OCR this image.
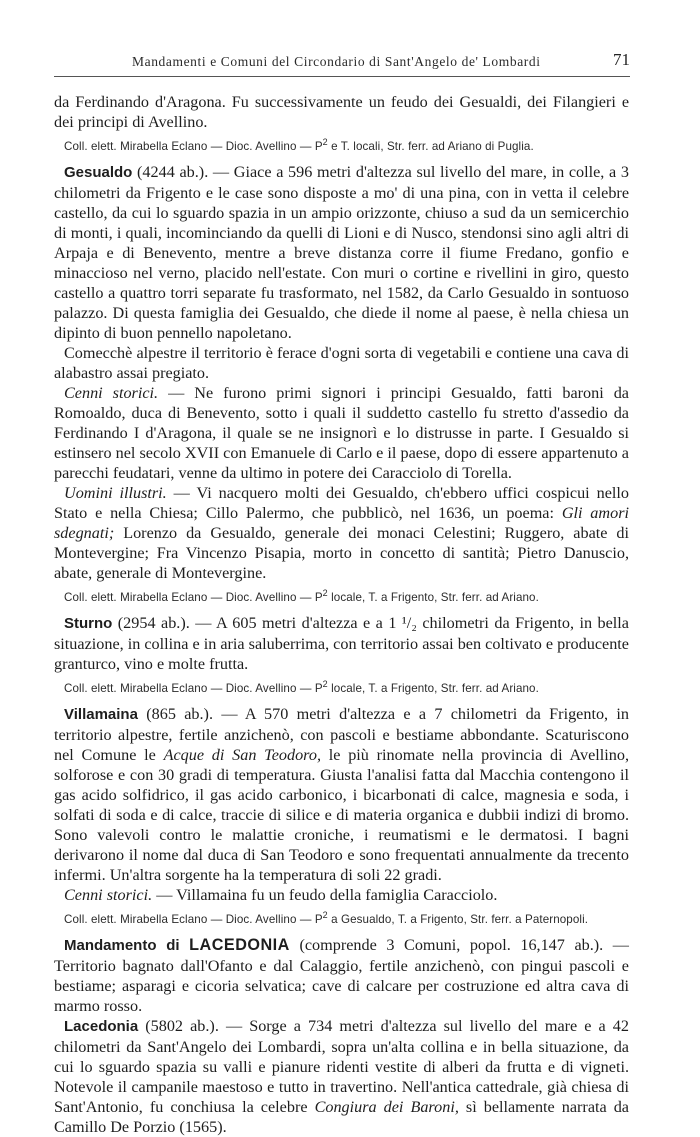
Mandamenti e Comuni del Circondario di Sant'Angelo de' Lombardi	71

da Ferdinando d'Aragona. Fu successivamente un feudo dei Gesualdi, dei Filangieri e dei principi di Avellino.

Coll. elett. Mirabella Eclano — Dioc. Avellino — $P^2$ e T. locali, Str. ferr. ad Ariano di Puglia.

Gesualdo (4244 ab.). — Giace a 596 metri d'altezza sul livello del mare, in colle, a 3 chilometri da Frigento e le case sono disposte a mo' di una pina, con in vetta il celebre castello, da cui lo sguardo spazia in un ampio orizzonte, chiuso a sud da un semicerchio di monti, i quali, incominciando da quelli di Lioni e di Nusco, stendonsi sino agli altri di Arpaja e di Benevento, mentre a breve distanza corre il fiume Fredano, gonfio e minaccioso nel verno, placido nell'estate. Con muri o cortine e rivellini in giro, questo castello a quattro torri separate fu trasformato, nel 1582, da Carlo Gesualdo in sontuoso palazzo. Di questa famiglia dei Gesualdo, che diede il nome al paese, è nella chiesa un dipinto di buon pennello napoletano.

Comecchè alpestre il territorio è ferace d'ogni sorta di vegetabili e contiene una cava di alabastro assai pregiato.

Cenni storici. — Ne furono primi signori i principi Gesualdo, fatti baroni da Romoaldo, duca di Benevento, sotto i quali il suddetto castello fu stretto d'assedio da Ferdinando I d'Aragona, il quale se ne insignorì e lo distrusse in parte. I Gesualdo si estinsero nel secolo XVII con Emanuele di Carlo e il paese, dopo di essere appartenuto a parecchi feudatari, venne da ultimo in potere dei Caracciolo di Torella.

Uomini illustri. — Vi nacquero molti dei Gesualdo, ch'ebbero uffici cospicui nello Stato e nella Chiesa; Cillo Palermo, che pubblicò, nel 1636, un poema: Gli amori sdegnati; Lorenzo da Gesualdo, generale dei monaci Celestini; Ruggero, abate di Montevergine; Fra Vincenzo Pisapia, morto in concetto di santità; Pietro Danuscio, abate, generale di Montevergine.

Coll. elett. Mirabella Eclano — Dioc. Avellino — $P^2$ locale, T. a Frigento, Str. ferr. ad Ariano.

Sturno (2954 ab.). — A 605 metri d'altezza e a 1 ¹/₂ chilometri da Frigento, in bella situazione, in collina e in aria saluberrima, con territorio assai ben coltivato e producente granturco, vino e molte frutta.

Coll. elett. Mirabella Eclano — Dioc. Avellino — $P^2$ locale, T. a Frigento, Str. ferr. ad Ariano.

Villamaina (865 ab.). — A 570 metri d'altezza e a 7 chilometri da Frigento, in territorio alpestre, fertile anzichenò, con pascoli e bestiame abbondante. Scaturiscono nel Comune le Acque di San Teodoro, le più rinomate nella provincia di Avellino, solforose e con 30 gradi di temperatura. Giusta l'analisi fatta dal Macchia contengono il gas acido solfidrico, il gas acido carbonico, i bicarbonati di calce, magnesia e soda, i solfati di soda e di calce, traccie di silice e di materia organica e dubbii indizi di bromo. Sono valevoli contro le malattie croniche, i reumatismi e le dermatosi. I bagni derivarono il nome dal duca di San Teodoro e sono frequentati annualmente da trecento infermi. Un'altra sorgente ha la temperatura di soli 22 gradi.

Cenni storici. — Villamaina fu un feudo della famiglia Caracciolo.

Coll. elett. Mirabella Eclano — Dioc. Avellino — $P^2$ a Gesualdo, T. a Frigento, Str. ferr. a Paternopoli.

Mandamento di LACEDONIA (comprende 3 Comuni, popol. 16,147 ab.). — Territorio bagnato dall'Ofanto e dal Calaggio, fertile anzichenò, con pingui pascoli e bestiame; asparagi e cicoria selvatica; cave di calcare per costruzione ed altra cava di marmo rosso.

Lacedonia (5802 ab.). — Sorge a 734 metri d'altezza sul livello del mare e a 42 chilometri da Sant'Angelo dei Lombardi, sopra un'alta collina e in bella situazione, da cui lo sguardo spazia su valli e pianure ridenti vestite di alberi da frutta e di vigneti. Notevole il campanile maestoso e tutto in travertino. Nell'antica cattedrale, già chiesa di Sant'Antonio, fu conchiusa la celebre Congiura dei Baroni, sì bellamente narrata da Camillo De Porzio (1565).
